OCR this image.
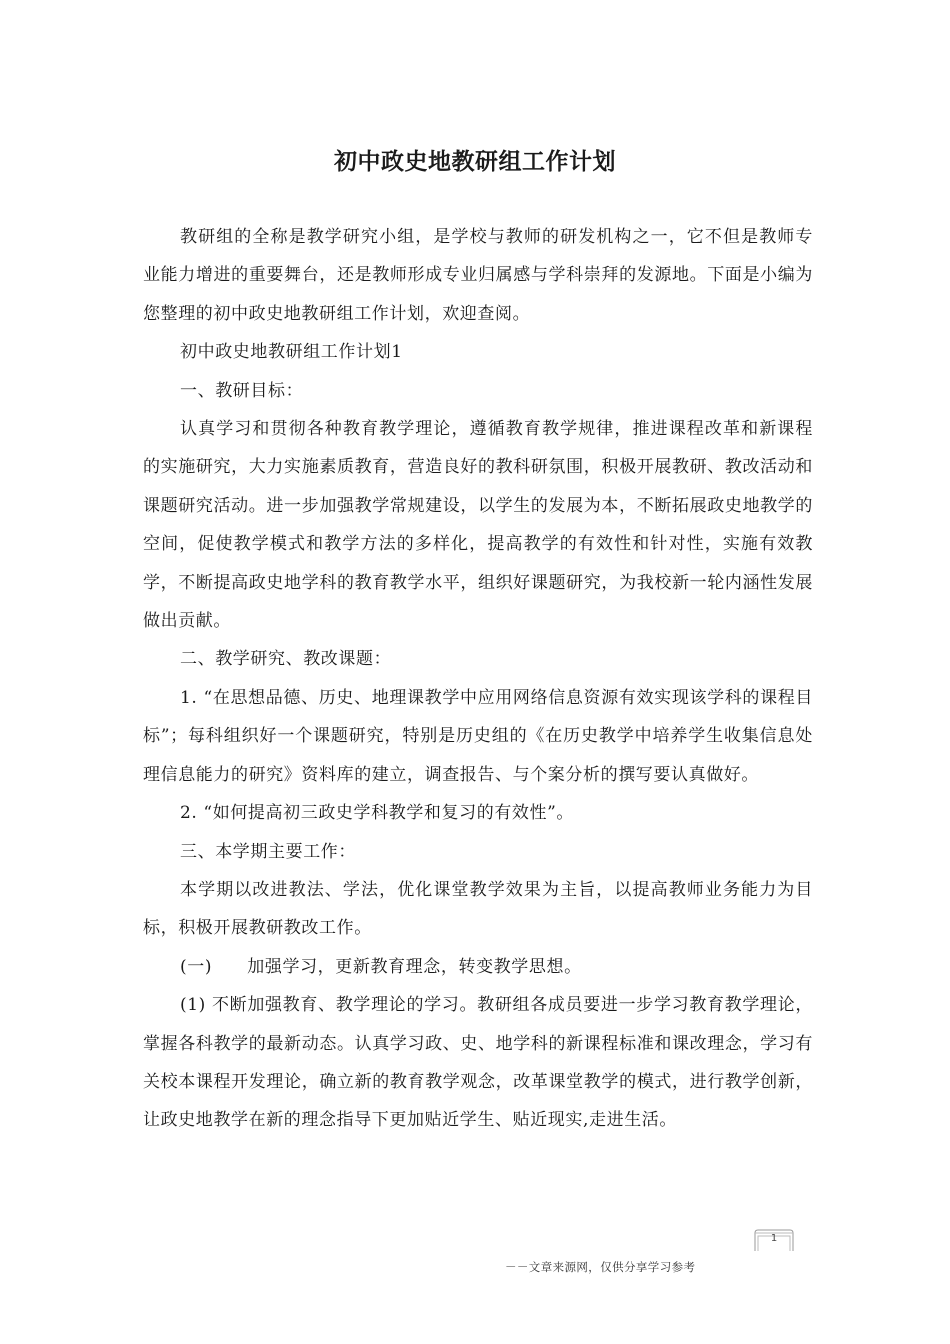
初中政史地教研组工作计划

教研组的全称是教学研究小组，是学校与教师的研发机构之一，它不但是教师专业能力增进的重要舞台，还是教师形成专业归属感与学科崇拜的发源地。下面是小编为您整理的初中政史地教研组工作计划，欢迎查阅。

初中政史地教研组工作计划1

一、教研目标：

认真学习和贯彻各种教育教学理论，遵循教育教学规律，推进课程改革和新课程的实施研究，大力实施素质教育，营造良好的教科研氛围，积极开展教研、教改活动和课题研究活动。进一步加强教学常规建设，以学生的发展为本，不断拓展政史地教学的空间，促使教学模式和教学方法的多样化，提高教学的有效性和针对性，实施有效教学，不断提高政史地学科的教育教学水平，组织好课题研究，为我校新一轮内涵性发展做出贡献。

二、教学研究、教改课题：

1. “在思想品德、历史、地理课教学中应用网络信息资源有效实现该学科的课程目标”；每科组织好一个课题研究，特别是历史组的《在历史教学中培养学生收集信息处理信息能力的研究》资料库的建立，调查报告、与个案分析的撰写要认真做好。

2. “如何提高初三政史学科教学和复习的有效性”。

三、本学期主要工作：

本学期以改进教法、学法，优化课堂教学效果为主旨，以提高教师业务能力为目标，积极开展教研教改工作。

(一)　　加强学习，更新教育理念，转变教学思想。

(1) 不断加强教育、教学理论的学习。教研组各成员要进一步学习教育教学理论，掌握各科教学的最新动态。认真学习政、史、地学科的新课程标准和课改理念，学习有关校本课程开发理论，确立新的教育教学观念，改革课堂教学的模式，进行教学创新，让政史地教学在新的理念指导下更加贴近学生、贴近现实,走进生活。

1
－－文章来源网，仅供分享学习参考
